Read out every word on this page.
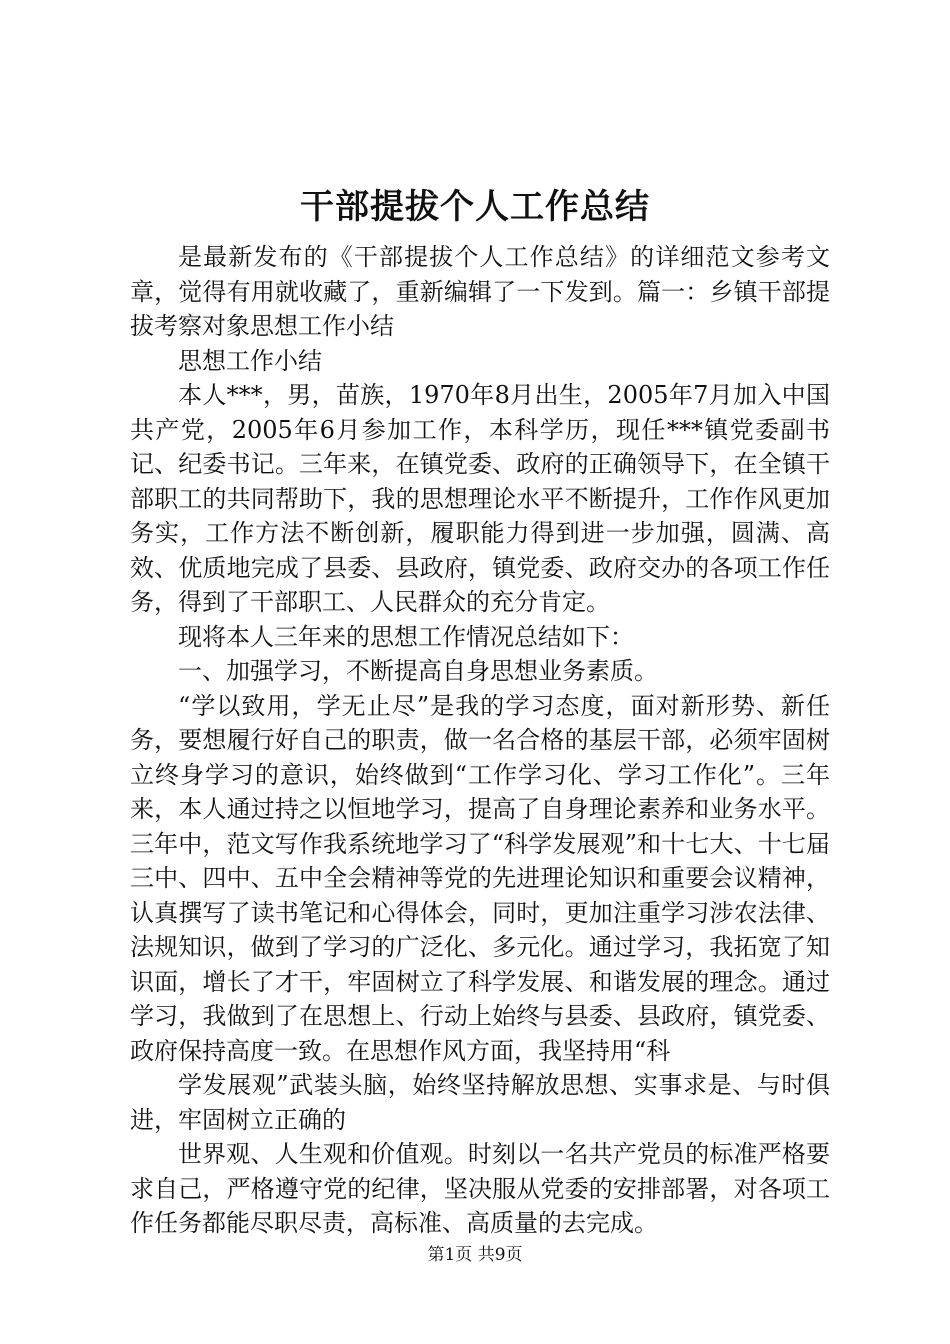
干部提拔个人工作总结

是最新发布的《干部提拔个人工作总结》的详细范文参考文章，觉得有用就收藏了，重新编辑了一下发到。篇一：乡镇干部提拔考察对象思想工作小结

思想工作小结

本人***，男，苗族，1970年8月出生，2005年7月加入中国共产党，2005年6月参加工作，本科学历，现任***镇党委副书记、纪委书记。三年来，在镇党委、政府的正确领导下，在全镇干部职工的共同帮助下，我的思想理论水平不断提升，工作作风更加务实，工作方法不断创新，履职能力得到进一步加强，圆满、高效、优质地完成了县委、县政府，镇党委、政府交办的各项工作任务，得到了干部职工、人民群众的充分肯定。

现将本人三年来的思想工作情况总结如下：

一、加强学习，不断提高自身思想业务素质。

“学以致用，学无止尽”是我的学习态度，面对新形势、新任务，要想履行好自己的职责，做一名合格的基层干部，必须牢固树立终身学习的意识，始终做到“工作学习化、学习工作化”。三年来，本人通过持之以恒地学习，提高了自身理论素养和业务水平。三年中，范文写作我系统地学习了“科学发展观”和十七大、十七届三中、四中、五中全会精神等党的先进理论知识和重要会议精神，认真撰写了读书笔记和心得体会，同时，更加注重学习涉农法律、法规知识，做到了学习的广泛化、多元化。通过学习，我拓宽了知识面，增长了才干，牢固树立了科学发展、和谐发展的理念。通过学习，我做到了在思想上、行动上始终与县委、县政府，镇党委、政府保持高度一致。在思想作风方面，我坚持用“科

学发展观”武装头脑，始终坚持解放思想、实事求是、与时俱进，牢固树立正确的

世界观、人生观和价值观。时刻以一名共产党员的标准严格要求自己，严格遵守党的纪律，坚决服从党委的安排部署，对各项工作任务都能尽职尽责，高标准、高质量的去完成。

第1页 共9页
